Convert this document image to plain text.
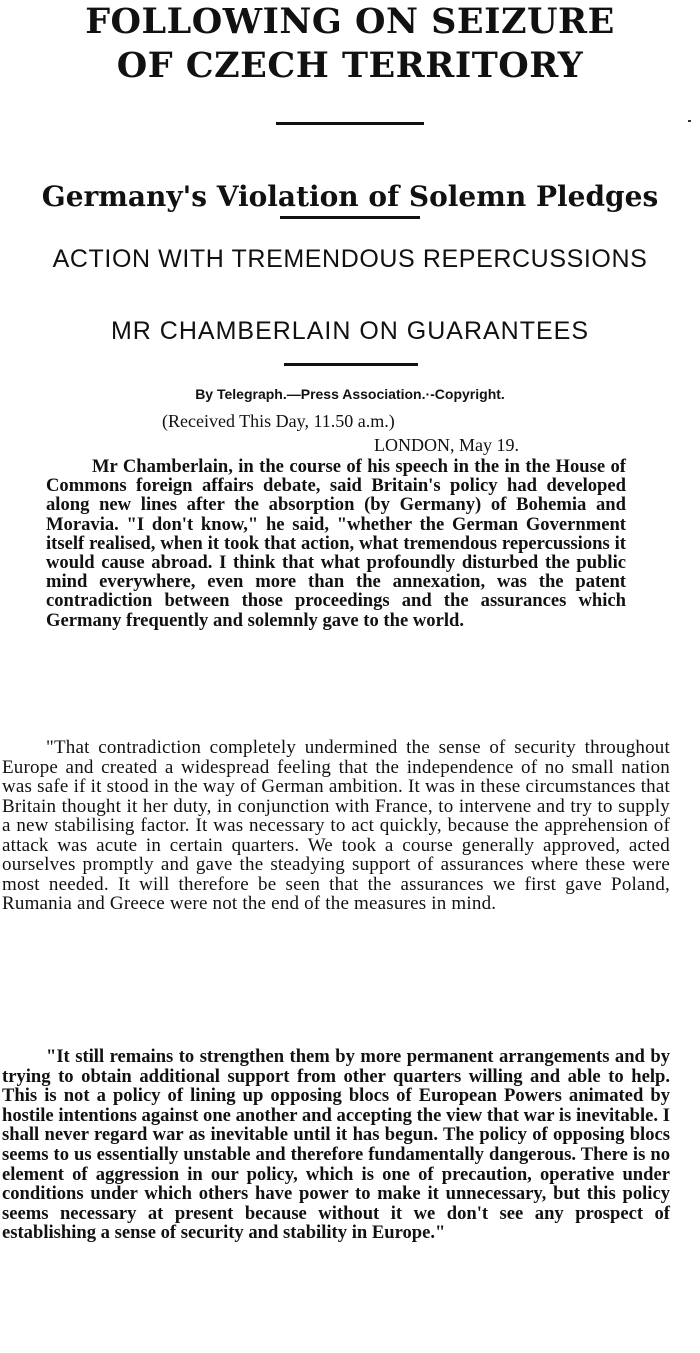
FOLLOWING ON SEIZURE
OF CZECH TERRITORY
Germany's Violation of Solemn Pledges
ACTION WITH TREMENDOUS REPERCUSSIONS
MR CHAMBERLAIN ON GUARANTEES
By Telegraph.—Press Association.·-Copyright.
(Received This Day, 11.50 a.m.)
LONDON, May 19.

Mr Chamberlain, in the course of his speech in the in the House of Commons foreign affairs debate, said Britain's policy had developed along new lines after the absorption (by Germany) of Bohemia and Moravia. "I don't know," he said, "whether the German Government itself realised, when it took that action, what tremendous repercussions it would cause abroad. I think that what profoundly disturbed the public mind everywhere, even more than the annexation, was the patent contradiction between those proceedings and the assurances which Germany frequently and solemnly gave to the world.

"That contradiction completely undermined the sense of security throughout Europe and created a widespread feeling that the independence of no small nation was safe if it stood in the way of German ambition. It was in these circumstances that Britain thought it her duty, in conjunction with France, to intervene and try to supply a new stabilising factor. It was necessary to act quickly, because the apprehension of attack was acute in certain quarters. We took a course generally approved, acted ourselves promptly and gave the steadying support of assurances where these were most needed. It will therefore be seen that the assurances we first gave Poland, Rumania and Greece were not the end of the measures in mind.

"It still remains to strengthen them by more permanent arrangements and by trying to obtain additional support from other quarters willing and able to help. This is not a policy of lining up opposing blocs of European Powers animated by hostile intentions against one another and accepting the view that war is inevitable. I shall never regard war as inevitable until it has begun. The policy of opposing blocs seems to us essentially unstable and therefore fundamentally dangerous. There is no element of aggression in our policy, which is one of precaution, operative under conditions under which others have power to make it unnecessary, but this policy seems necessary at present because without it we don't see any prospect of establishing a sense of security and stability in Europe."
